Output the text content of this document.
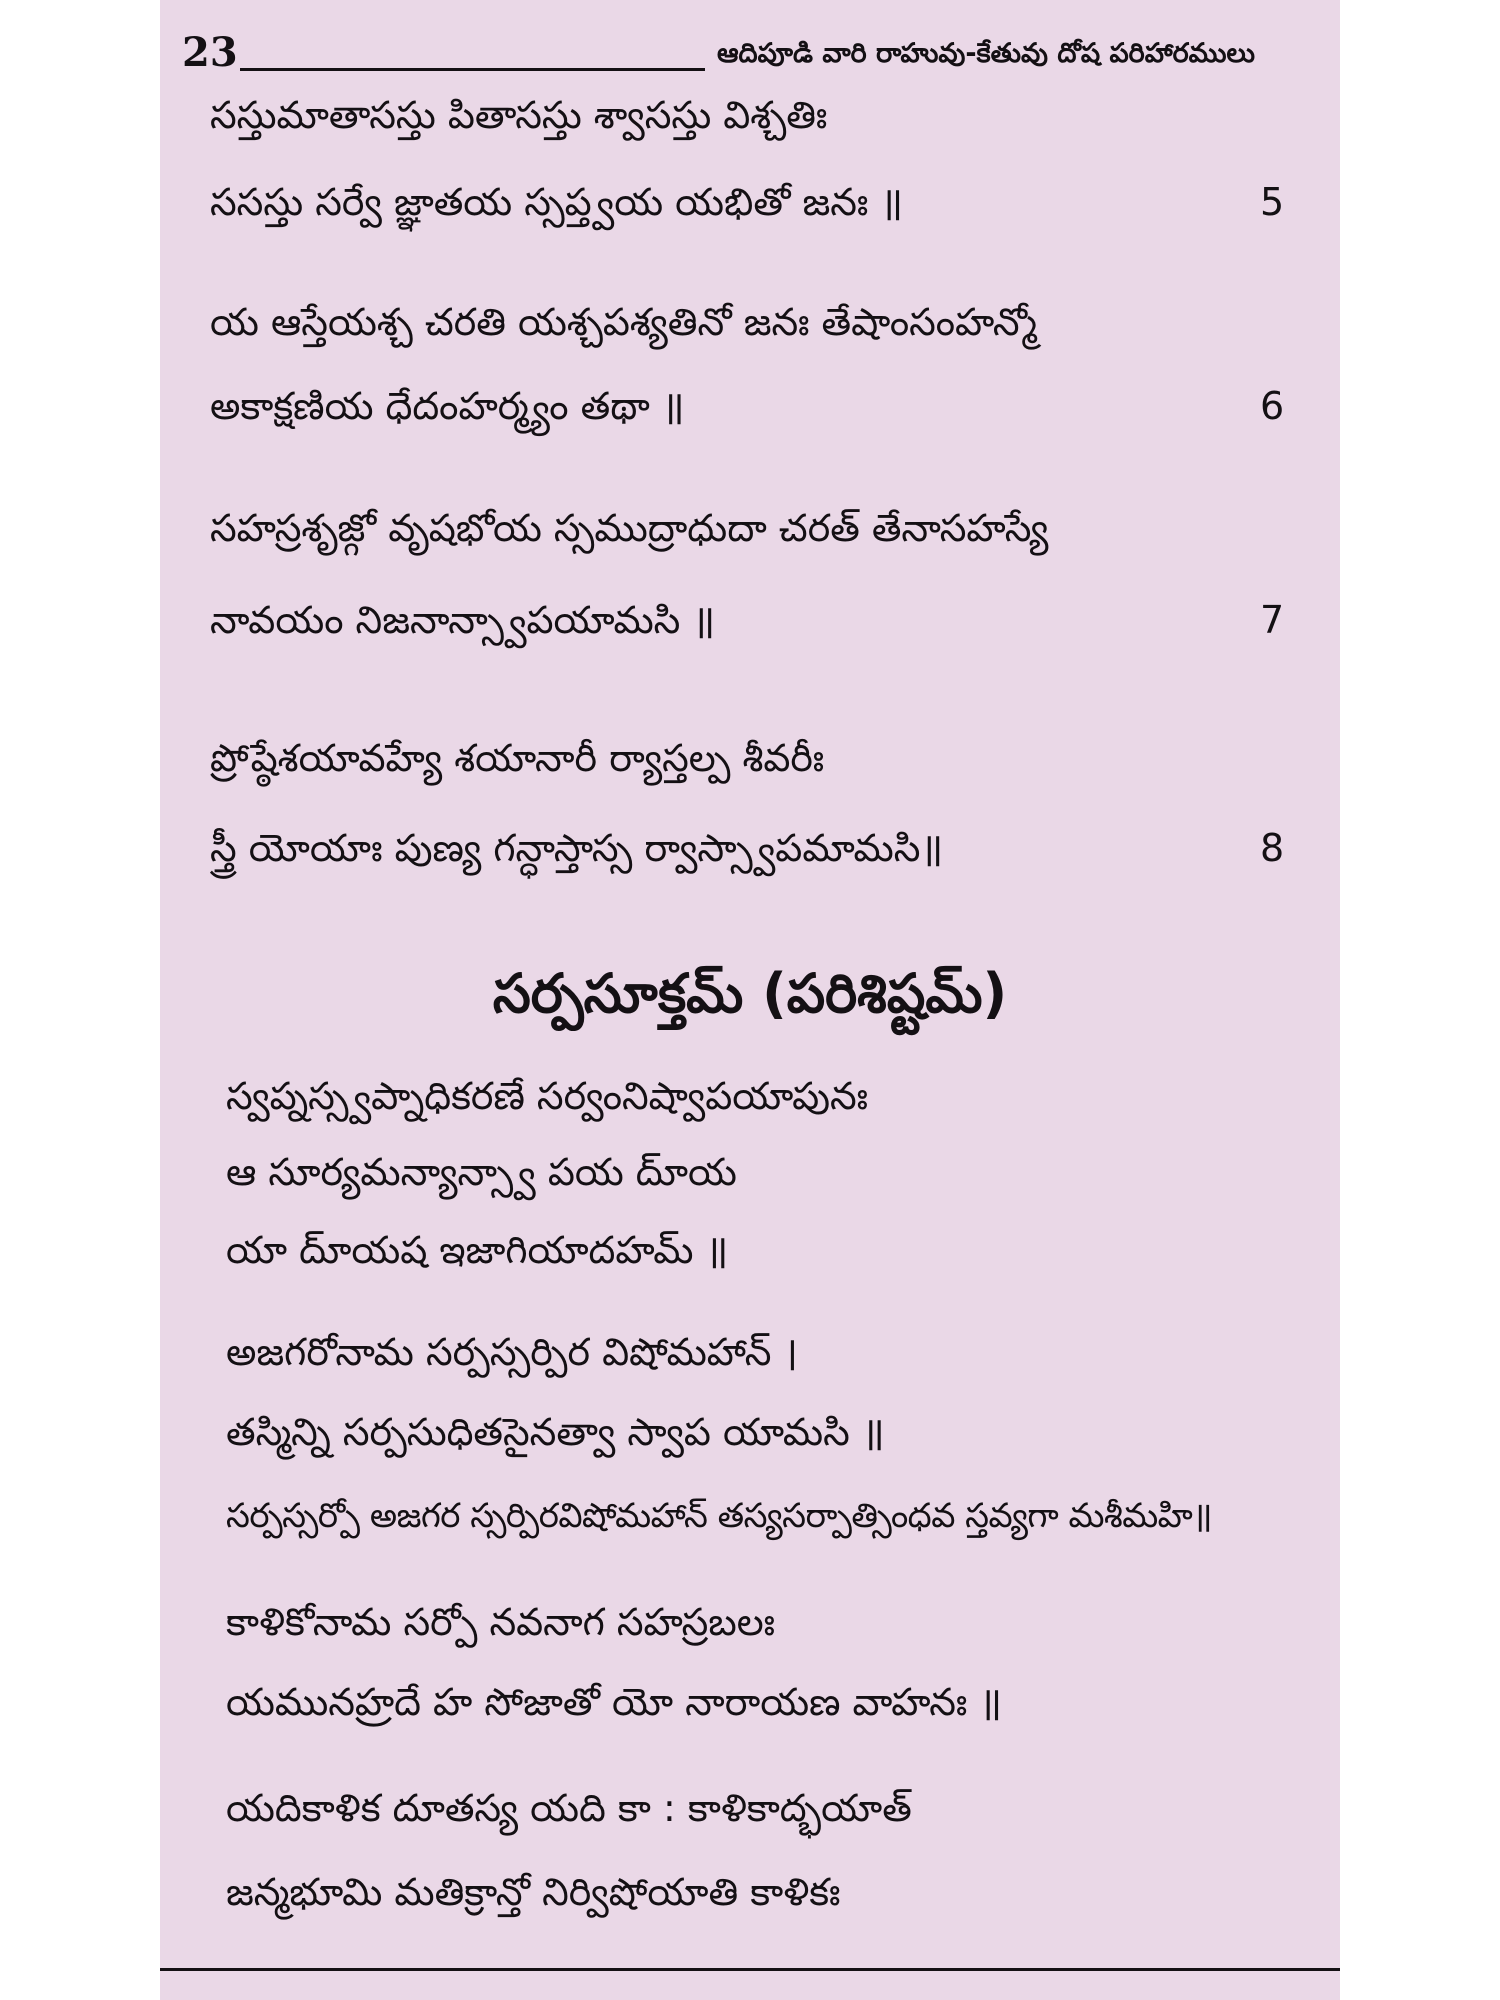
23	ఆదిపూడి వారి రాహువు-కేతువు దోష పరిహారములు
సస్తుమాతాసస్తు పితాసస్తు శ్వాసస్తు విశ్చతిః
ససస్తు సర్వే జ్ఞాతయ స్సప్త్వయ యభితో జనః ॥	5
య ఆస్తేయశ్చ చరతి యశ్చపశ్యతినో జనః తేషాంసంహన్మో
అకాక్షణియ ధేదంహర్మ్యం తథా ॥	6
సహస్రశృజ్గో వృషభోయ స్సముద్రాధుదా చరత్‌ తేనాసహస్యే
నావయం నిజనాన్స్వాపయామసి ॥	7
ప్రోష్ఠేశయావహ్యే శయానారీ ర్యాస్తల్ప శీవరీః
స్త్రీ యోయాః పుణ్య గన్ధాస్తాస్స ర్వాస్స్వాపమామసి॥	8
సర్పసూక్తమ్ (పరిశిష్టమ్)
స్వప్నస్స్వప్నాధికరణే సర్వంనిష్వాపయాపునః
ఆ సూర్యమన్యాన్స్వా పయ దూ్య
యా దూ్యష ఇజాగియాదహమ్ ॥
అజగరోనామ సర్పస్సర్పిర విషోమహాన్ ।
తస్మిన్ని సర్పసుధితసైనత్వా స్వాప యామసి ॥
సర్పస్సర్పో అజగర స్సర్పిరవిషోమహాన్ తస్యసర్పాత్సింధవ స్తవ్యగా మశీమహి॥
కాళికోనామ సర్పో నవనాగ సహస్రబలః
యమునహ్రదే హ సోజాతో యో నారాయణ వాహనః ॥
యదికాళిక దూతస్య యది కా : కాళికాద్భయాత్‌
జన్మభూమి మతిక్రాన్తో నిర్విషోయాతి కాళికః
